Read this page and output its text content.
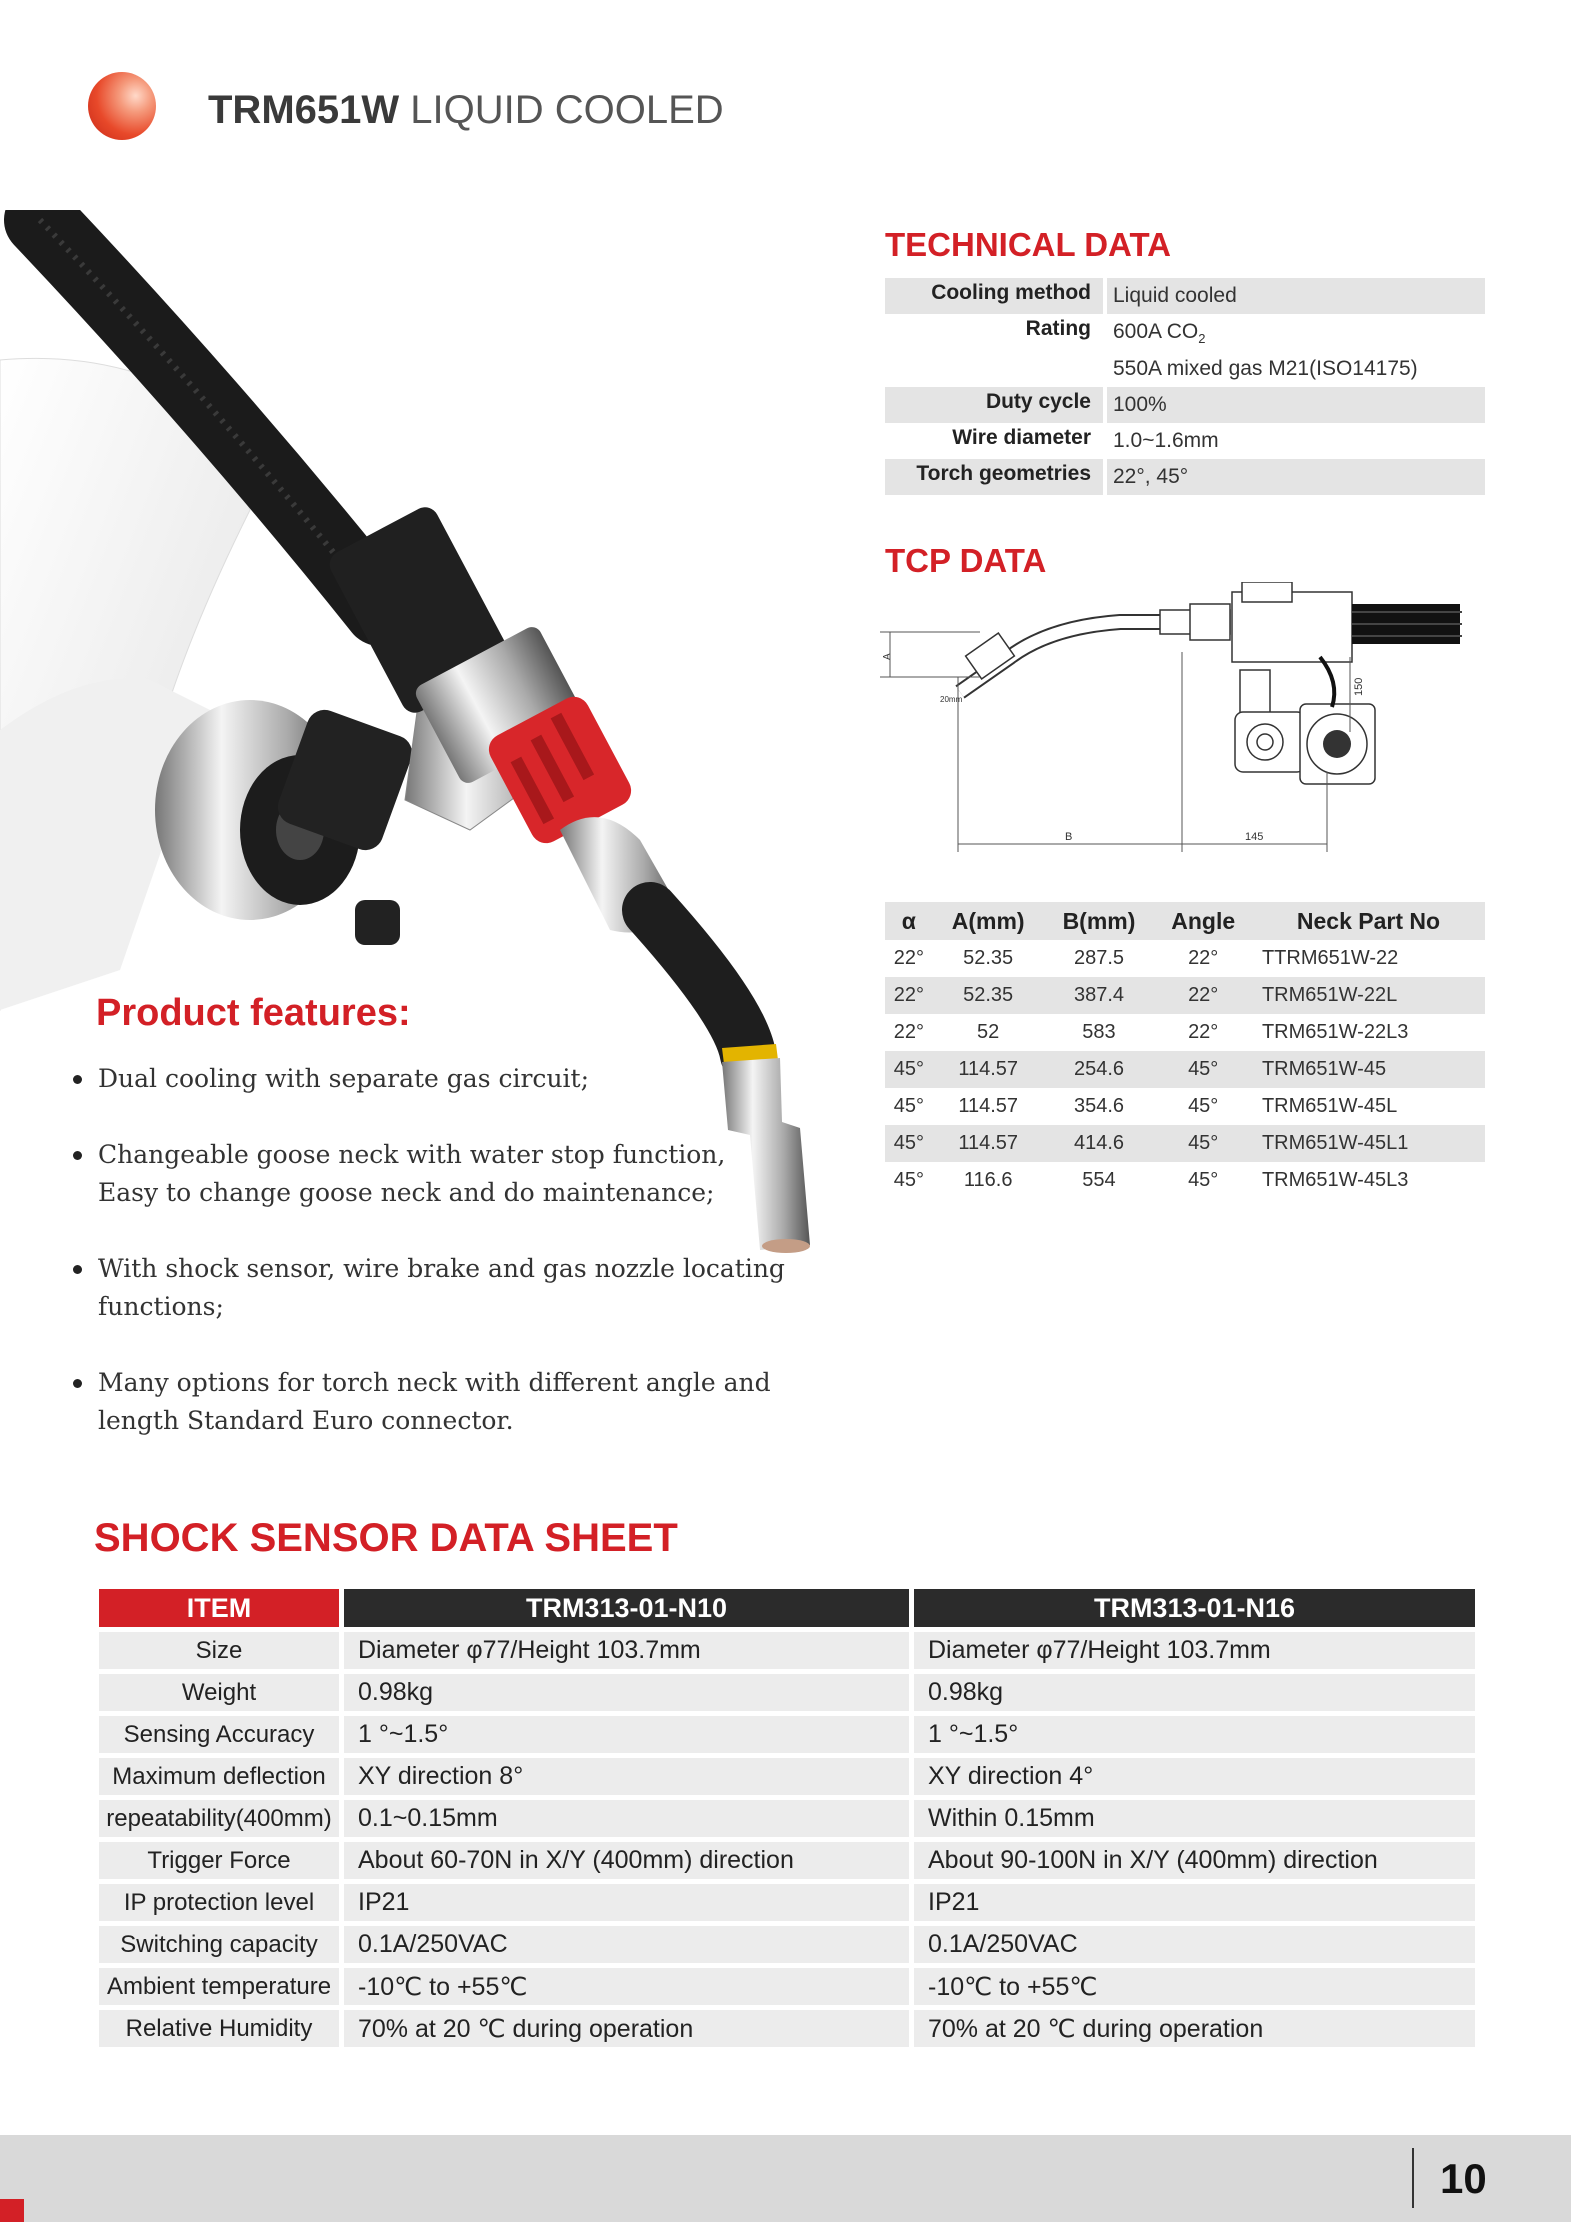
TRM651W LIQUID COOLED
TECHNICAL DATA
Cooling method	Liquid cooled
Rating	600A $CO_2$
550A mixed gas M21(ISO14175)
Duty cycle	100%
Wire diameter	1.0~1.6mm
Torch geometries	22°, 45°
TCP DATA
A
B	145
150
20mm
α	A(mm)	B(mm)	Angle	Neck Part No
22°	52.35	287.5	22°	TTRM651W-22
22°	52.35	387.4	22°	TRM651W-22L
22°	52	583	22°	TRM651W-22L3
45°	114.57	254.6	45°	TRM651W-45
45°	114.57	354.6	45°	TRM651W-45L
45°	114.57	414.6	45°	TRM651W-45L1
45°	116.6	554	45°	TRM651W-45L3
Product features:
Dual cooling with separate gas circuit;
Changeable goose neck with water stop function,
Easy to change goose neck and do maintenance;
With shock sensor, wire brake and gas nozzle locating
functions;
Many options for torch neck with different angle and
length Standard Euro connector.
SHOCK SENSOR DATA SHEET
ITEM	TRM313-01-N10	TRM313-01-N16
Size	Diameter φ77/Height 103.7mm	Diameter φ77/Height 103.7mm
Weight	0.98kg	0.98kg
Sensing Accuracy	1 °~1.5°	1 °~1.5°
Maximum deflection	XY direction 8°	XY direction 4°
repeatability(400mm)	0.1~0.15mm	Within 0.15mm
Trigger Force	About 60-70N in X/Y (400mm) direction	About 90-100N in X/Y (400mm) direction
IP protection level	IP21	IP21
Switching capacity	0.1A/250VAC	0.1A/250VAC
Ambient temperature	-10℃ to +55℃	-10℃ to +55℃
Relative Humidity	70% at 20 ℃ during operation	70% at 20 ℃ during operation
10
